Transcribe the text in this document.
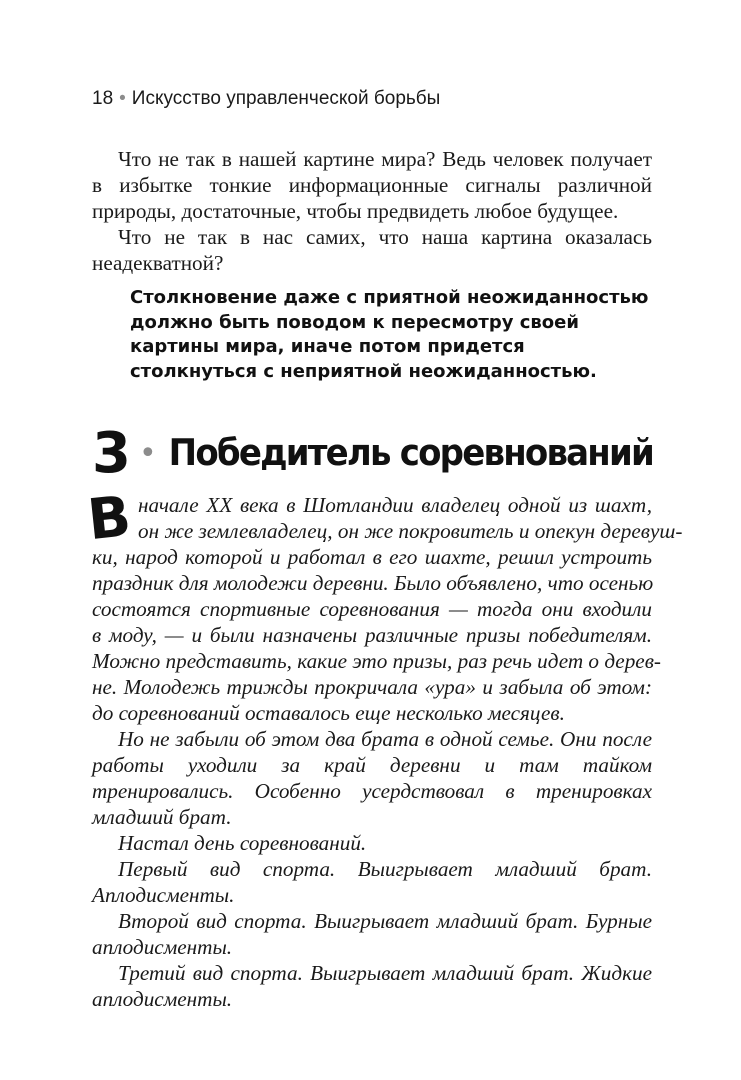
18 • Искусство управленческой борьбы

Что не так в нашей картине мира? Ведь человек получает в избытке тонкие информационные сигналы различной природы, достаточные, чтобы предвидеть любое будущее.

Что не так в нас самих, что наша картина оказалась неадекватной?

Столкновение даже с приятной неожиданностью
должно быть поводом к пересмотру своей
картины мира, иначе потом придется
столкнуться с неприятной неожиданностью.
3 • Победитель соревнований
В начале XX века в Шотландии владелец одной из шахт,
он же землевладелец, он же покровитель и опекун деревуш-
ки, народ которой и работал в его шахте, решил устроить
праздник для молодежи деревни. Было объявлено, что осенью
состоятся спортивные соревнования — тогда они входили
в моду, — и были назначены различные призы победителям.
Можно представить, какие это призы, раз речь идет о дерев-
не. Молодежь трижды прокричала «ура» и забыла об этом:
до соревнований оставалось еще несколько месяцев.

Но не забыли об этом два брата в одной семье. Они после работы уходили за край деревни и там тайком тренировались. Особенно усердствовал в тренировках младший брат.

Настал день соревнований.

Первый вид спорта. Выигрывает младший брат. Аплодисменты.

Второй вид спорта. Выигрывает младший брат. Бурные аплодисменты.

Третий вид спорта. Выигрывает младший брат. Жидкие аплодисменты.
